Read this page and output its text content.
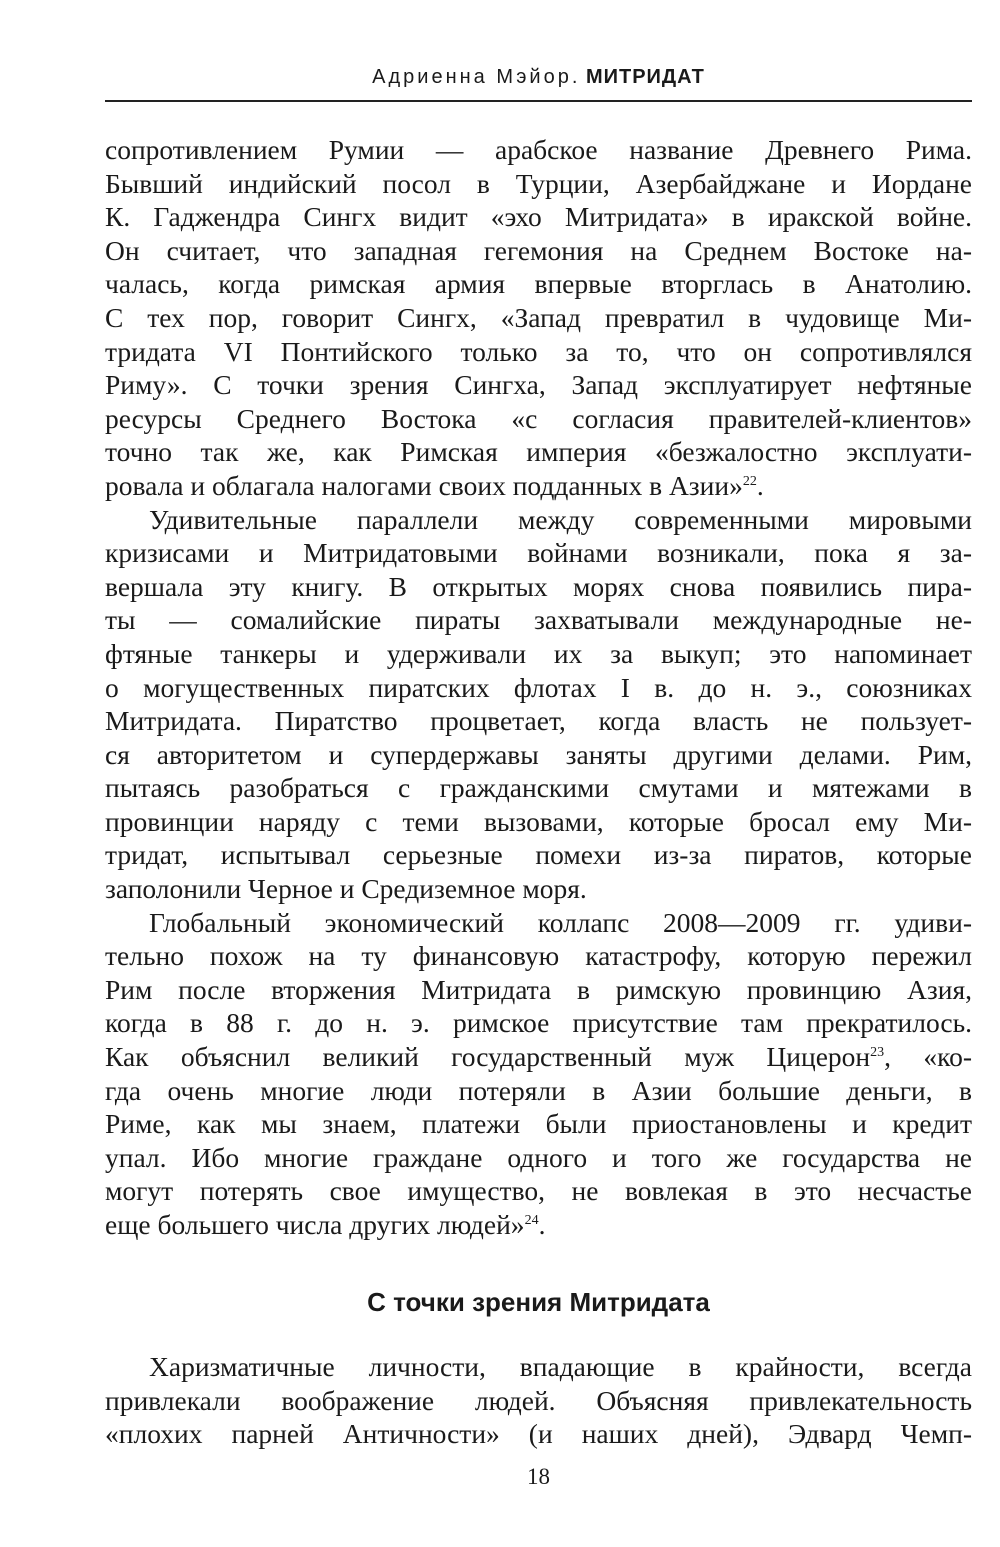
Адриенна Мэйор. МИТРИДАТ

сопротивлением Румии — арабское название Древнего Рима.

Бывший индийский посол в Турции, Азербайджане и Иордане

К. Гаджендра Сингх видит «эхо Митридата» в иракской войне.

Он считает, что западная гегемония на Среднем Востоке на-

чалась, когда римская армия впервые вторглась в Анатолию.

С тех пор, говорит Сингх, «Запад превратил в чудовище Ми-

тридата VI Понтийского только за то, что он сопротивлялся

Риму». С точки зрения Сингха, Запад эксплуатирует нефтяные

ресурсы Среднего Востока «с согласия правителей-клиентов»

точно так же, как Римская империя «безжалостно эксплуати-

ровала и облагала налогами своих подданных в Азии»$^{22}$.

Удивительные параллели между современными мировыми

кризисами и Митридатовыми войнами возникали, пока я за-

вершала эту книгу. В открытых морях снова появились пира-

ты — сомалийские пираты захватывали международные не-

фтяные танкеры и удерживали их за выкуп; это напоминает

о могущественных пиратских флотах I в. до н. э., союзниках

Митридата. Пиратство процветает, когда власть не пользует-

ся авторитетом и супердержавы заняты другими делами. Рим,

пытаясь разобраться с гражданскими смутами и мятежами в

провинции наряду с теми вызовами, которые бросал ему Ми-

тридат, испытывал серьезные помехи из-за пиратов, которые

заполонили Черное и Средиземное моря.

Глобальный экономический коллапс 2008—2009 гг. удиви-

тельно похож на ту финансовую катастрофу, которую пережил

Рим после вторжения Митридата в римскую провинцию Азия,

когда в 88 г. до н. э. римское присутствие там прекратилось.

Как объяснил великий государственный муж Цицерон$^{23}$, «ко-

гда очень многие люди потеряли в Азии большие деньги, в

Риме, как мы знаем, платежи были приостановлены и кредит

упал. Ибо многие граждане одного и того же государства не

могут потерять свое имущество, не вовлекая в это несчастье

еще большего числа других людей»$^{24}$.

С точки зрения Митридата

Харизматичные личности, впадающие в крайности, всегда

привлекали воображение людей. Объясняя привлекательность

«плохих парней Античности» (и наших дней), Эдвард Чемп-

18
